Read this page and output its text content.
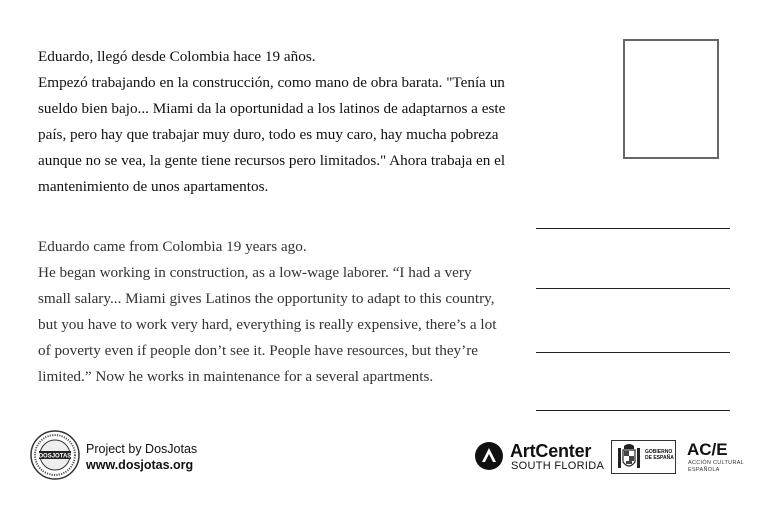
Eduardo, llegó desde Colombia hace 19 años.

Empezó trabajando en la construcción, como mano de obra barata. "Tenía un sueldo bien bajo... Miami da la oportunidad a los latinos de adaptarnos a este país, pero hay que trabajar muy duro, todo es muy caro, hay mucha pobreza aunque no se vea, la gente tiene recursos pero limitados." Ahora trabaja en el mantenimiento de unos apartamentos.

Eduardo came from Colombia 19 years ago.

He began working in construction, as a low-wage laborer. “I had a very small salary... Miami gives Latinos the opportunity to adapt to this country, but you have to work very hard, everything is really expensive, there’s a lot of poverty even if people don’t see it. People have resources, but they’re limited.” Now he works in maintenance for a several apartments.

DOSJOTAS
Project by DosJotas
www.dosjotas.org
ArtCenter
SOUTH FLORIDA
GOBIERNO
DE ESPAÑA AC/E
ACCIÓN CULTURAL
ESPAÑOLA
